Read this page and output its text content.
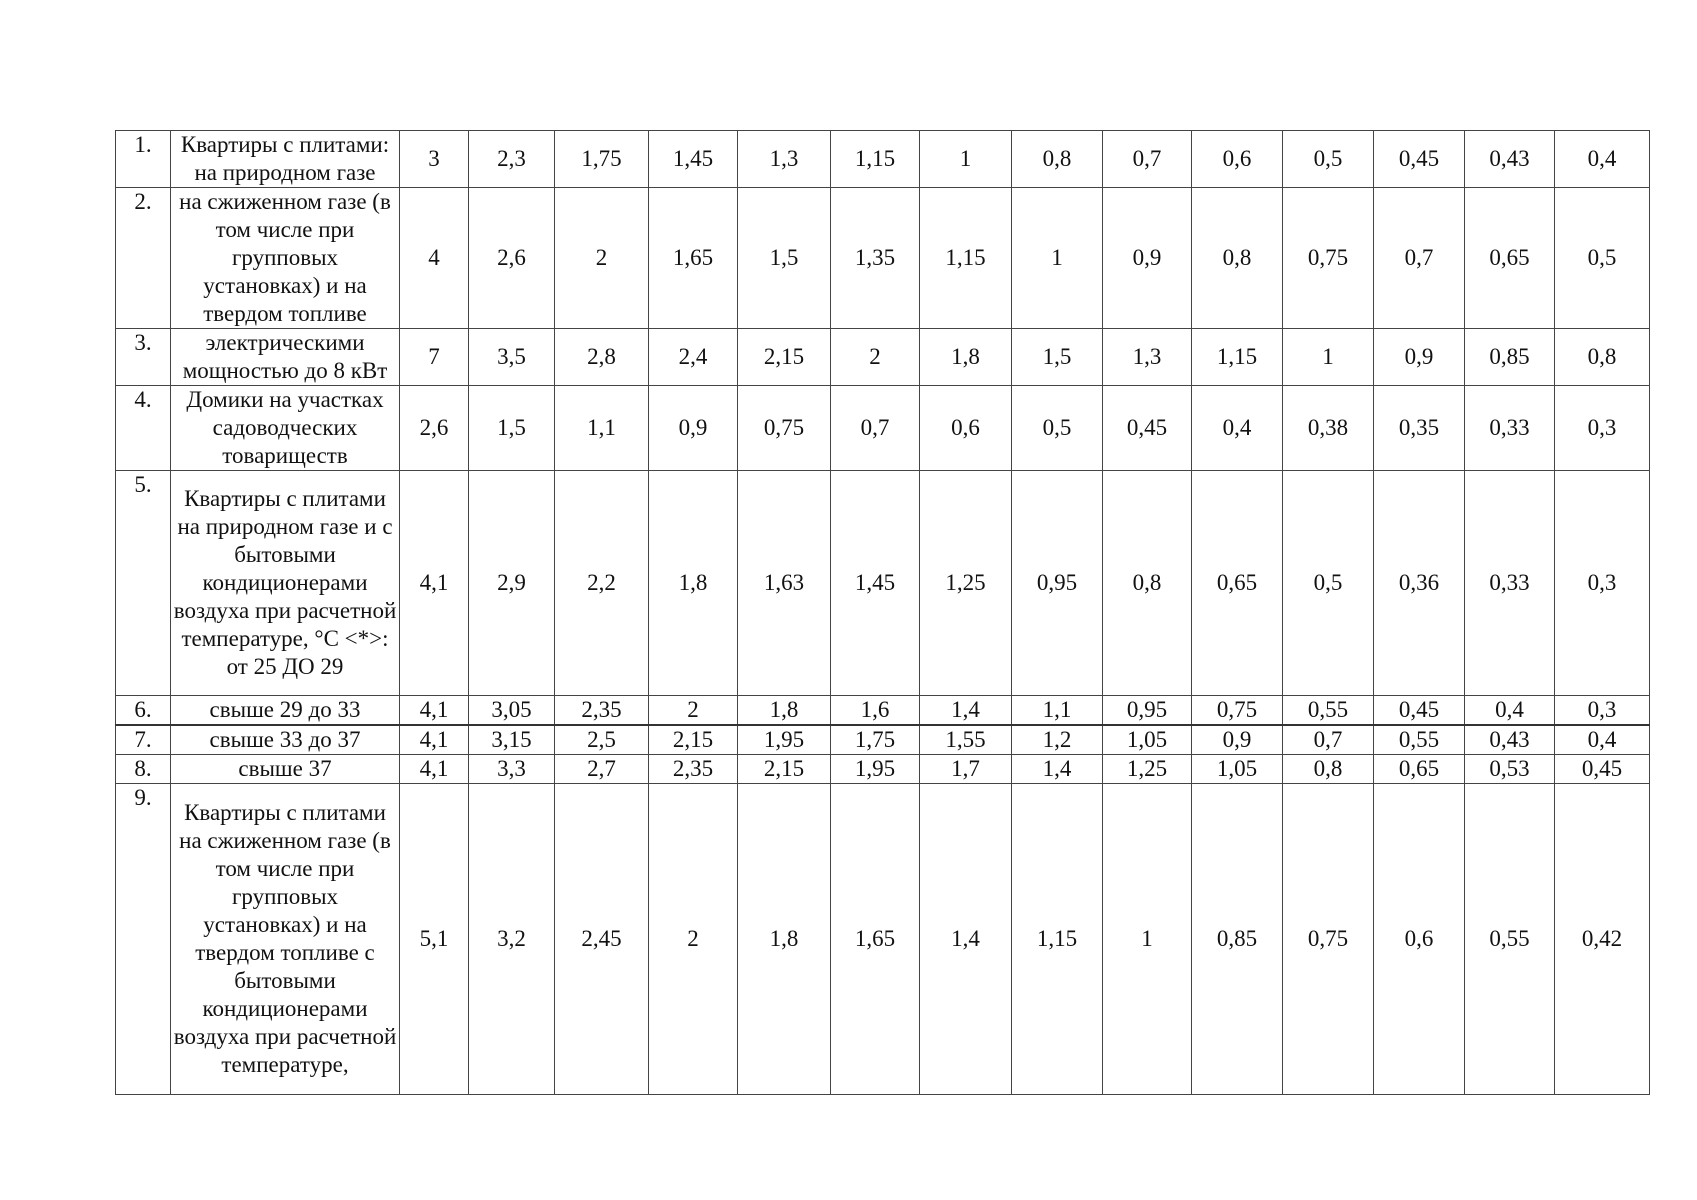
1.	Квартиры с плитами: на природном газе	3	2,3	1,75	1,45	1,3	1,15	1	0,8	0,7	0,6	0,5	0,45	0,43	0,4
2.	на сжиженном газе (в том числе при групповых установках) и на твердом топливе	4	2,6	2	1,65	1,5	1,35	1,15	1	0,9	0,8	0,75	0,7	0,65	0,5
3.	электрическими мощностью до 8 кВт	7	3,5	2,8	2,4	2,15	2	1,8	1,5	1,3	1,15	1	0,9	0,85	0,8
4.	Домики на участках садоводческих товариществ	2,6	1,5	1,1	0,9	0,75	0,7	0,6	0,5	0,45	0,4	0,38	0,35	0,33	0,3
5.	Квартиры с плитами на природном газе и с бытовыми кондиционерами воздуха при расчетной температуре, °С <*>: от 25 ДО 29	4,1	2,9	2,2	1,8	1,63	1,45	1,25	0,95	0,8	0,65	0,5	0,36	0,33	0,3
6.	свыше 29 до 33	4,1	3,05	2,35	2	1,8	1,6	1,4	1,1	0,95	0,75	0,55	0,45	0,4	0,3
7.	свыше 33 до 37	4,1	3,15	2,5	2,15	1,95	1,75	1,55	1,2	1,05	0,9	0,7	0,55	0,43	0,4
8.	свыше 37	4,1	3,3	2,7	2,35	2,15	1,95	1,7	1,4	1,25	1,05	0,8	0,65	0,53	0,45
9.	Квартиры с плитами на сжиженном газе (в том числе при групповых установках) и на твердом топливе с бытовыми кондиционерами воздуха при расчетной температуре,	5,1	3,2	2,45	2	1,8	1,65	1,4	1,15	1	0,85	0,75	0,6	0,55	0,42
